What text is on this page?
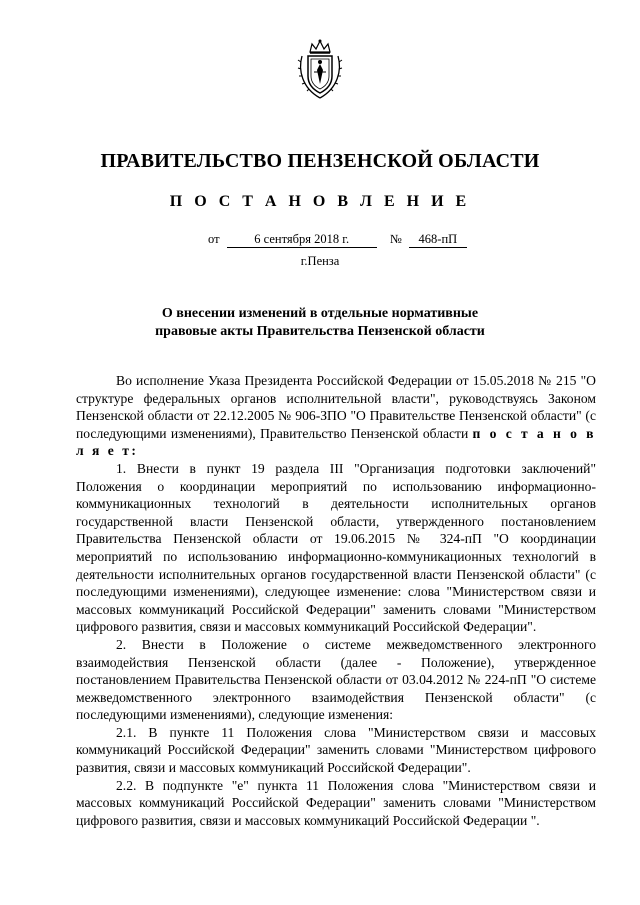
ПРАВИТЕЛЬСТВО ПЕНЗЕНСКОЙ ОБЛАСТИ
П О С Т А Н О В Л Е Н И Е
от	6 сентября 2018 г.	№ 468-пП
г.Пенза
О внесении изменений в отдельные нормативные
правовые акты Правительства Пензенской области

Во исполнение Указа Президента Российской Федерации от 15.05.2018 № 215 "О структуре федеральных органов исполнительной власти", руководствуясь Законом Пензенской области от 22.12.2005 № 906-ЗПО "О Правительстве Пензенской области" (с последующими изменениями), Правительство Пензенской области п о с т а н о в л я е т:

1. Внести в пункт 19 раздела III "Организация подготовки заключений" Положения о координации мероприятий по использованию информационно-коммуникационных технологий в деятельности исполнительных органов государственной власти Пензенской области, утвержденного постановлением Правительства Пензенской области от 19.06.2015 № 324-пП "О координации мероприятий по использованию информационно-коммуникационных технологий в деятельности исполнительных органов государственной власти Пензенской области" (с последующими изменениями), следующее изменение: слова "Министерством связи и массовых коммуникаций Российской Федерации" заменить словами "Министерством цифрового развития, связи и массовых коммуникаций Российской Федерации".

2. Внести в Положение о системе межведомственного электронного взаимодействия Пензенской области (далее - Положение), утвержденное постановлением Правительства Пензенской области от 03.04.2012 № 224-пП "О системе межведомственного электронного взаимодействия Пензенской области" (с последующими изменениями), следующие изменения:

2.1. В пункте 11 Положения слова "Министерством связи и массовых коммуникаций Российской Федерации" заменить словами "Министерством цифрового развития, связи и массовых коммуникаций Российской Федерации".

2.2. В подпункте "е" пункта 11 Положения слова "Министерством связи и массовых коммуникаций Российской Федерации" заменить словами "Министерством цифрового развития, связи и массовых коммуникаций Российской Федерации ".
